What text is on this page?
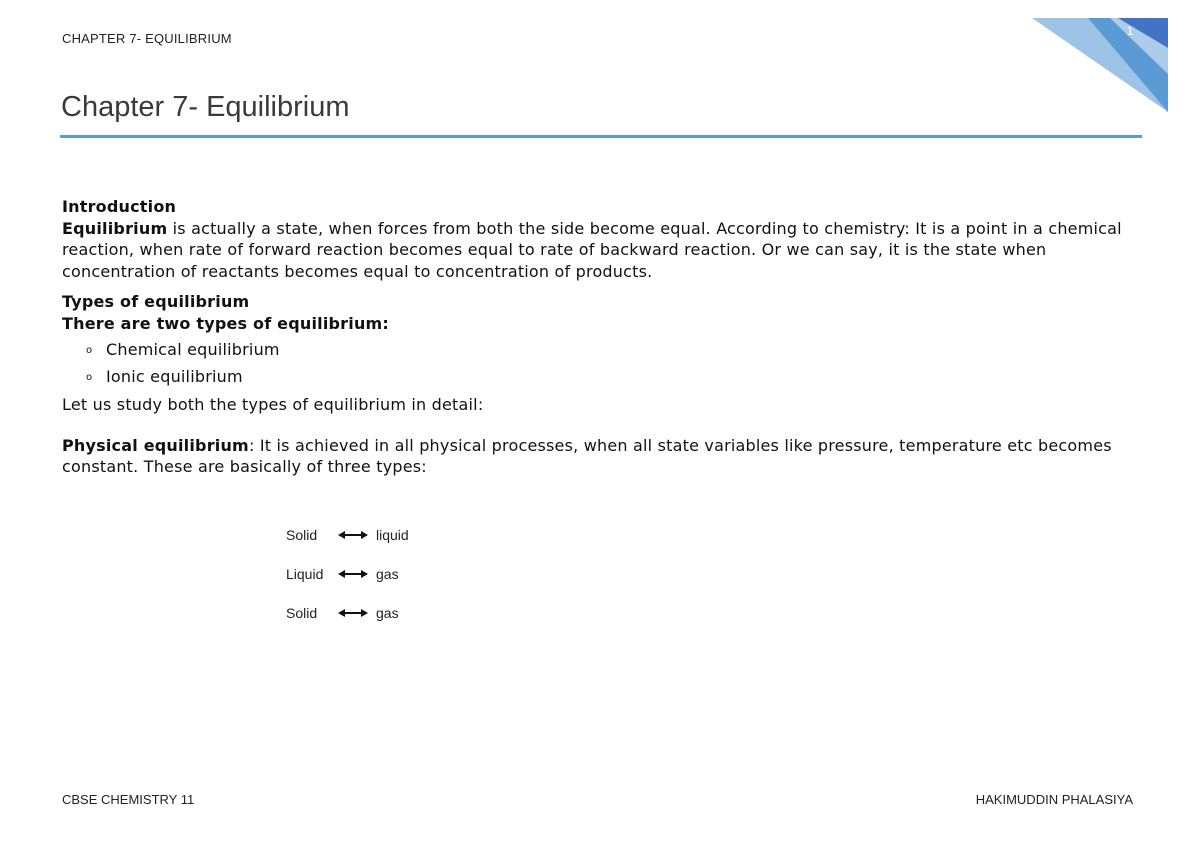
CHAPTER 7- EQUILIBRIUM	1
Chapter 7- Equilibrium

Introduction

Equilibrium is actually a state, when forces from both the side become equal. According to chemistry: It is a point in a chemical reaction, when rate of forward reaction becomes equal to rate of backward reaction. Or we can say, it is the state when concentration of reactants becomes equal to concentration of products.

Types of equilibrium

There are two types of equilibrium:

o Chemical equilibrium
o Ionic equilibrium

Let us study both the types of equilibrium in detail:

Physical equilibrium: It is achieved in all physical processes, when all state variables like pressure, temperature etc becomes constant. These are basically of three types:

Solid	liquid
Liquid	gas
Solid	gas
CBSE CHEMISTRY 11	HAKIMUDDIN PHALASIYA
